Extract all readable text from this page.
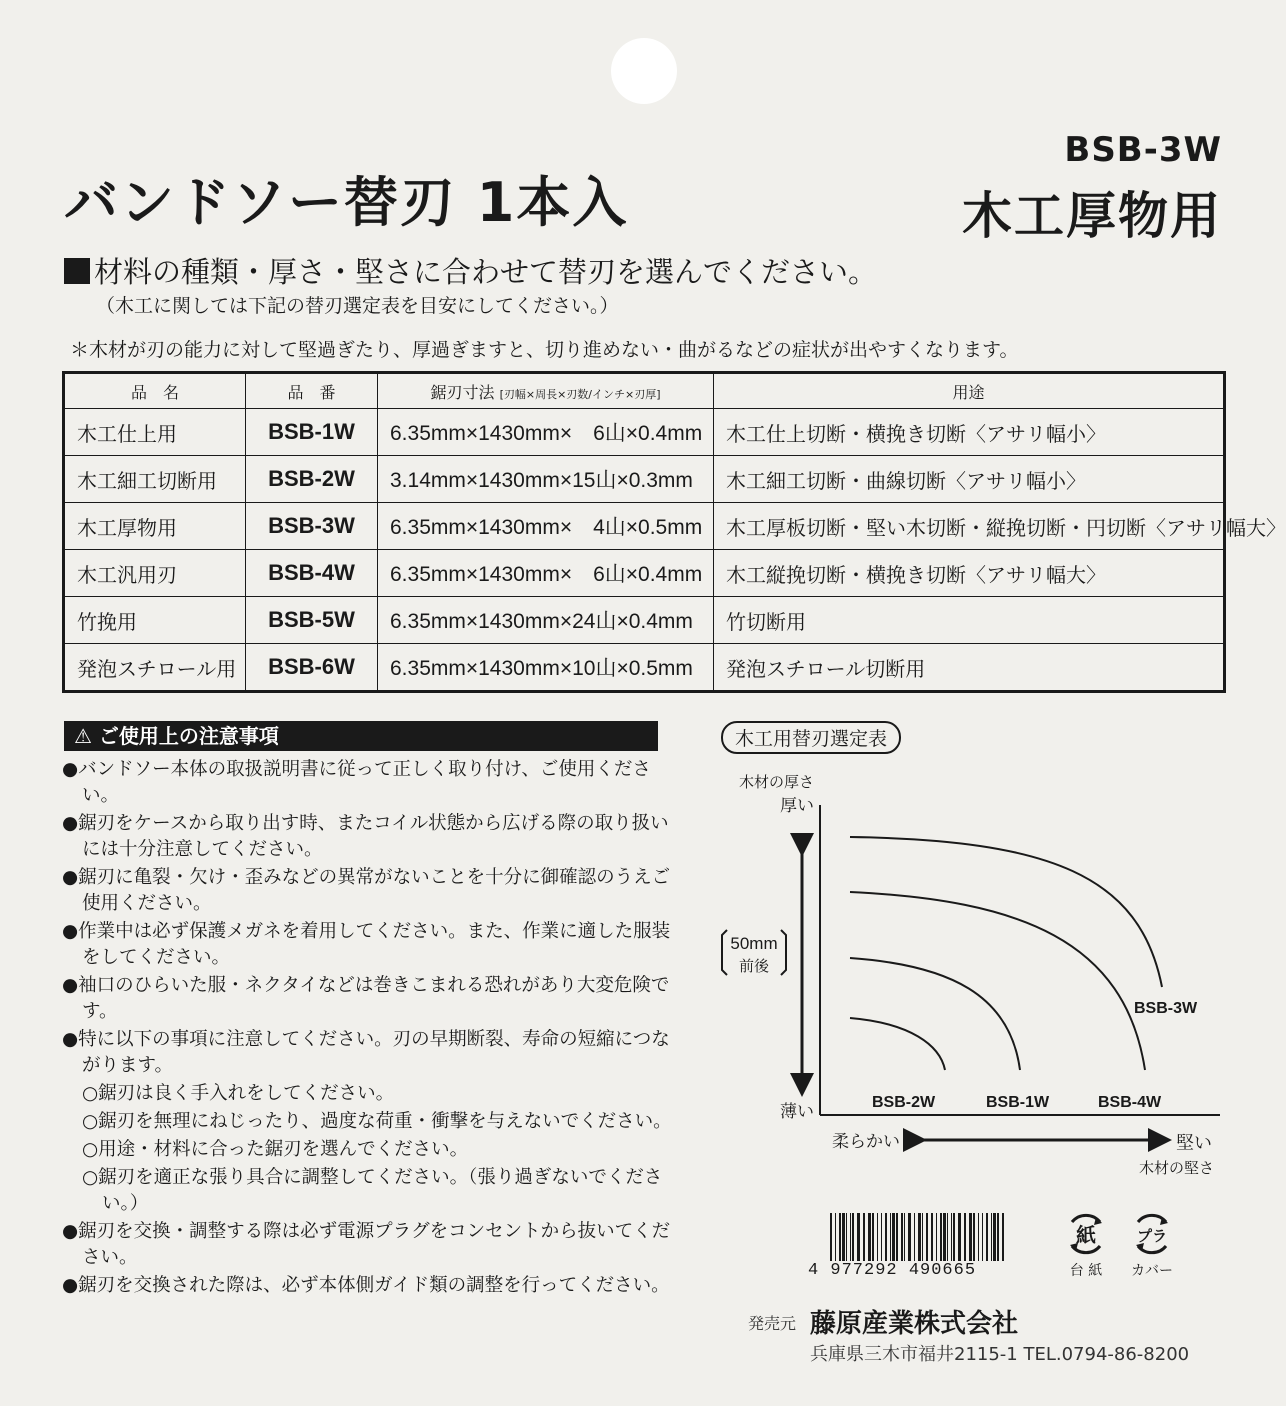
BSB-3W
バンドソー替刃 1本入	木工厚物用
材料の種類・厚さ・堅さに合わせて替刃を選んでください。
（木工に関しては下記の替刃選定表を目安にしてください。）
＊木材が刃の能力に対して堅過ぎたり、厚過ぎますと、切り進めない・曲がるなどの症状が出やすくなります。
品　名	品　番	鋸刃寸法 [刃幅×周長×刃数/インチ×刃厚]	用途
木工仕上用	BSB-1W	6.35mm×1430mm×　6山×0.4mm	木工仕上切断・横挽き切断〈アサリ幅小〉
木工細工切断用	BSB-2W	3.14mm×1430mm×15山×0.3mm	木工細工切断・曲線切断〈アサリ幅小〉
木工厚物用	BSB-3W	6.35mm×1430mm×　4山×0.5mm	木工厚板切断・堅い木切断・縦挽切断・円切断〈アサリ幅大〉
木工汎用刃	BSB-4W	6.35mm×1430mm×　6山×0.4mm	木工縦挽切断・横挽き切断〈アサリ幅大〉
竹挽用	BSB-5W	6.35mm×1430mm×24山×0.4mm	竹切断用
発泡スチロール用	BSB-6W	6.35mm×1430mm×10山×0.5mm	発泡スチロール切断用
⚠ ご使用上の注意事項
●バンドソー本体の取扱説明書に従って正しく取り付け、ご使用ください。
●鋸刃をケースから取り出す時、またコイル状態から広げる際の取り扱いには十分注意してください。
●鋸刃に亀裂・欠け・歪みなどの異常がないことを十分に御確認のうえご使用ください。
●作業中は必ず保護メガネを着用してください。また、作業に適した服装をしてください。
●袖口のひらいた服・ネクタイなどは巻きこまれる恐れがあり大変危険です。
●特に以下の事項に注意してください。刃の早期断裂、寿命の短縮につながります。
○鋸刃は良く手入れをしてください。
○鋸刃を無理にねじったり、過度な荷重・衝撃を与えないでください。
○用途・材料に合った鋸刃を選んでください。
○鋸刃を適正な張り具合に調整してください。（張り過ぎないでください。）
●鋸刃を交換・調整する際は必ず電源プラグをコンセントから抜いてください。
●鋸刃を交換された際は、必ず本体側ガイド類の調整を行ってください。
木工用替刃選定表
木材の厚さ
厚い
薄い
50mm
前後
柔らかい	堅い
木材の堅さ
BSB-3W
BSB-2W	BSB-1W	BSB-4W
4 977292 490665
紙
台 紙
プラ
カバー
発売元 藤原産業株式会社
兵庫県三木市福井2115-1 TEL.0794-86-8200
